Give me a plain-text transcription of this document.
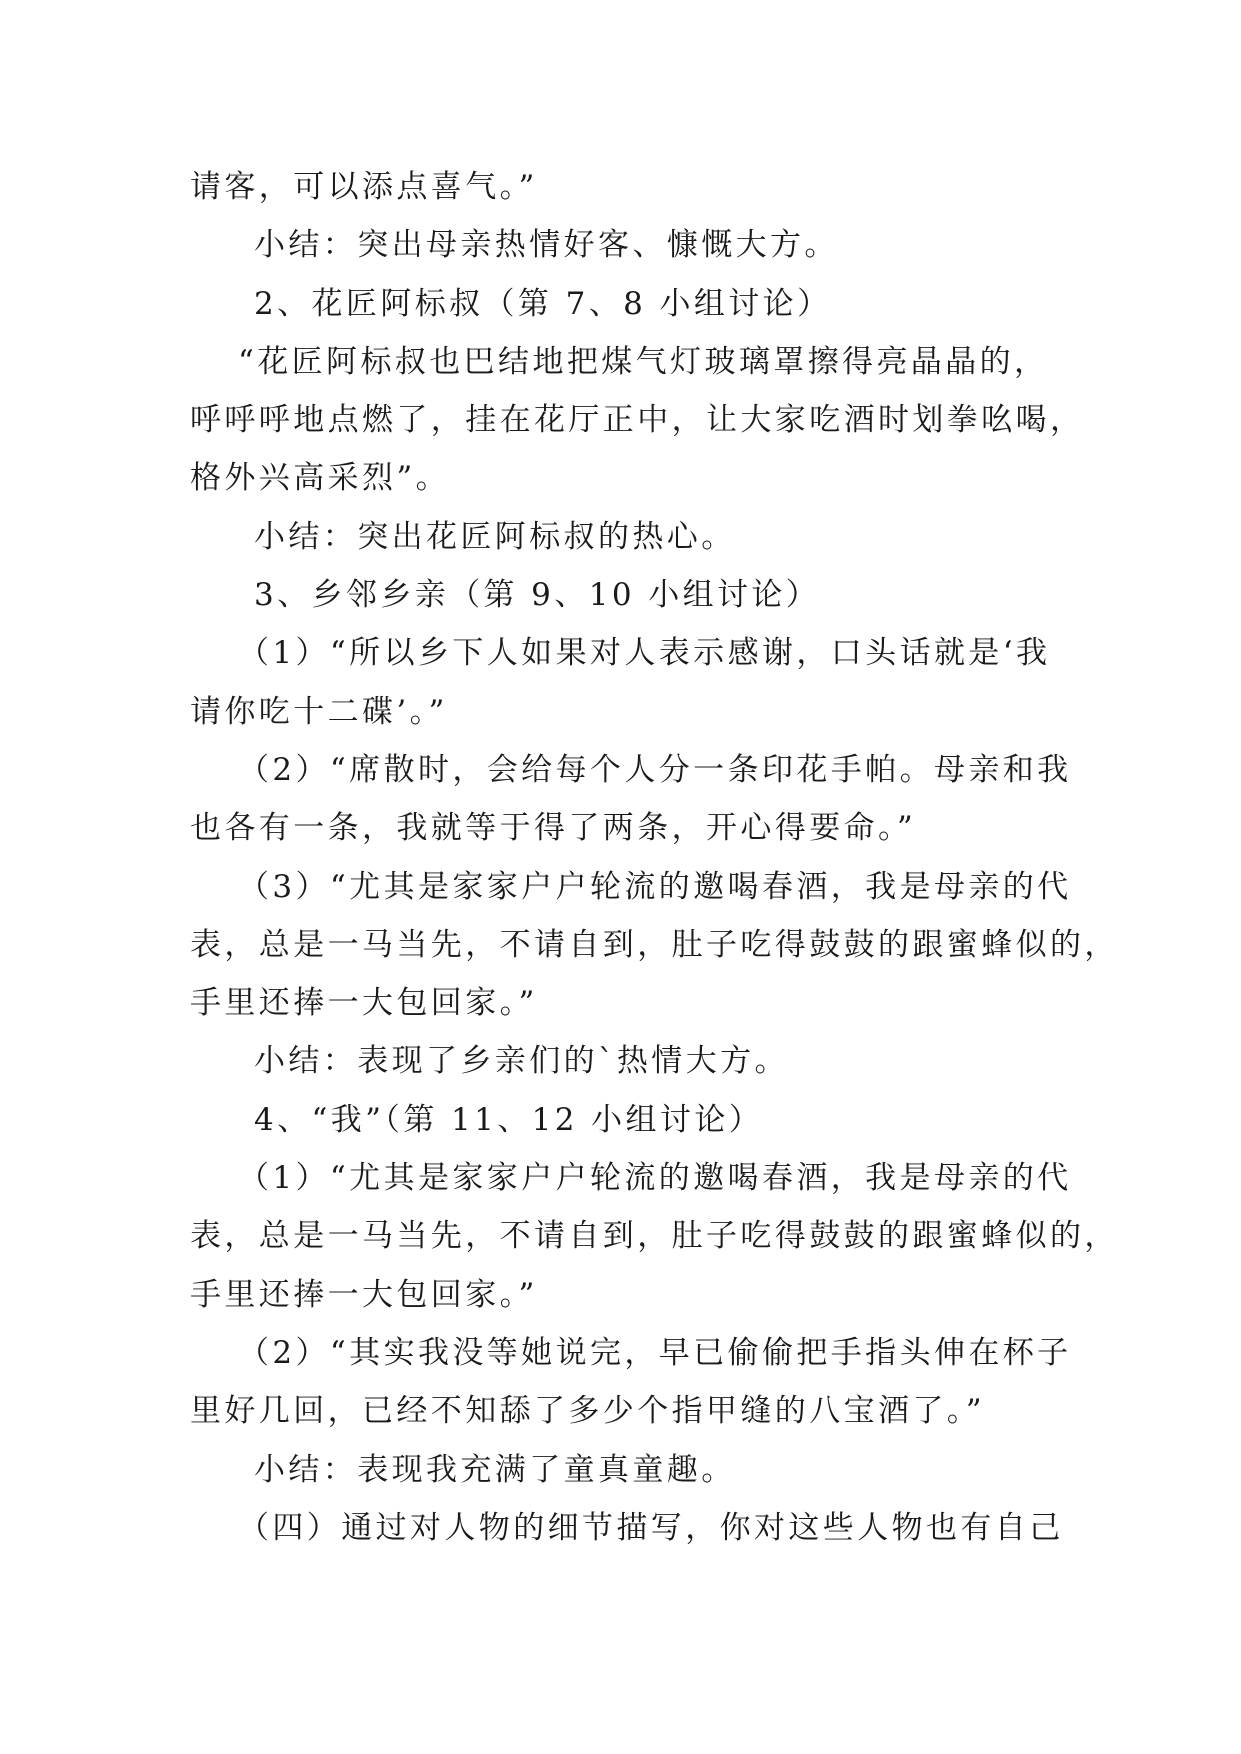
请客，可以添点喜气。”
小结：突出母亲热情好客、慷慨大方。
2、花匠阿标叔（第 7、8 小组讨论）
“花匠阿标叔也巴结地把煤气灯玻璃罩擦得亮晶晶的，
呼呼呼地点燃了，挂在花厅正中，让大家吃酒时划拳吆喝，
格外兴高采烈”。
小结：突出花匠阿标叔的热心。
3、乡邻乡亲（第 9、10 小组讨论）
（1）“所以乡下人如果对人表示感谢，口头话就是‘我
请你吃十二碟’。”
（2）“席散时，会给每个人分一条印花手帕。母亲和我
也各有一条，我就等于得了两条，开心得要命。”
（3）“尤其是家家户户轮流的邀喝春酒，我是母亲的代
表，总是一马当先，不请自到，肚子吃得鼓鼓的跟蜜蜂似的，
手里还捧一大包回家。”
小结：表现了乡亲们的`热情大方。
4、“我”（第 11、12 小组讨论）
（1）“尤其是家家户户轮流的邀喝春酒，我是母亲的代
表，总是一马当先，不请自到，肚子吃得鼓鼓的跟蜜蜂似的，
手里还捧一大包回家。”
（2）“其实我没等她说完，早已偷偷把手指头伸在杯子
里好几回，已经不知舔了多少个指甲缝的八宝酒了。”
小结：表现我充满了童真童趣。
（四）通过对人物的细节描写，你对这些人物也有自己
